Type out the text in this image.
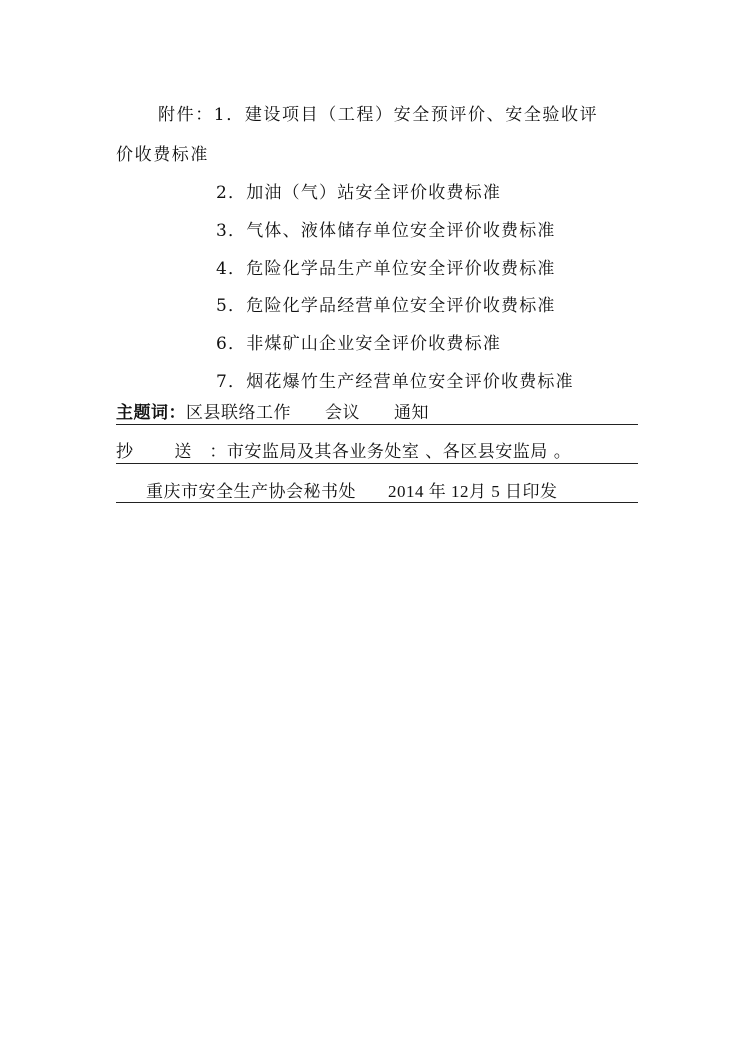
附件：1．建设项目（工程）安全预评价、安全验收评
价收费标准
2．加油（气）站安全评价收费标准
3．气体、液体储存单位安全评价收费标准
4．危险化学品生产单位安全评价收费标准
5．危险化学品经营单位安全评价收费标准
6．非煤矿山企业安全评价收费标准
7．烟花爆竹生产经营单位安全评价收费标准
主题词：区县联络工作 会议 通知
抄 送：市安监局及其各业务处室 、各区县安监局 。
重庆市安全生产协会秘书处 2014 年 12月 5 日印发
